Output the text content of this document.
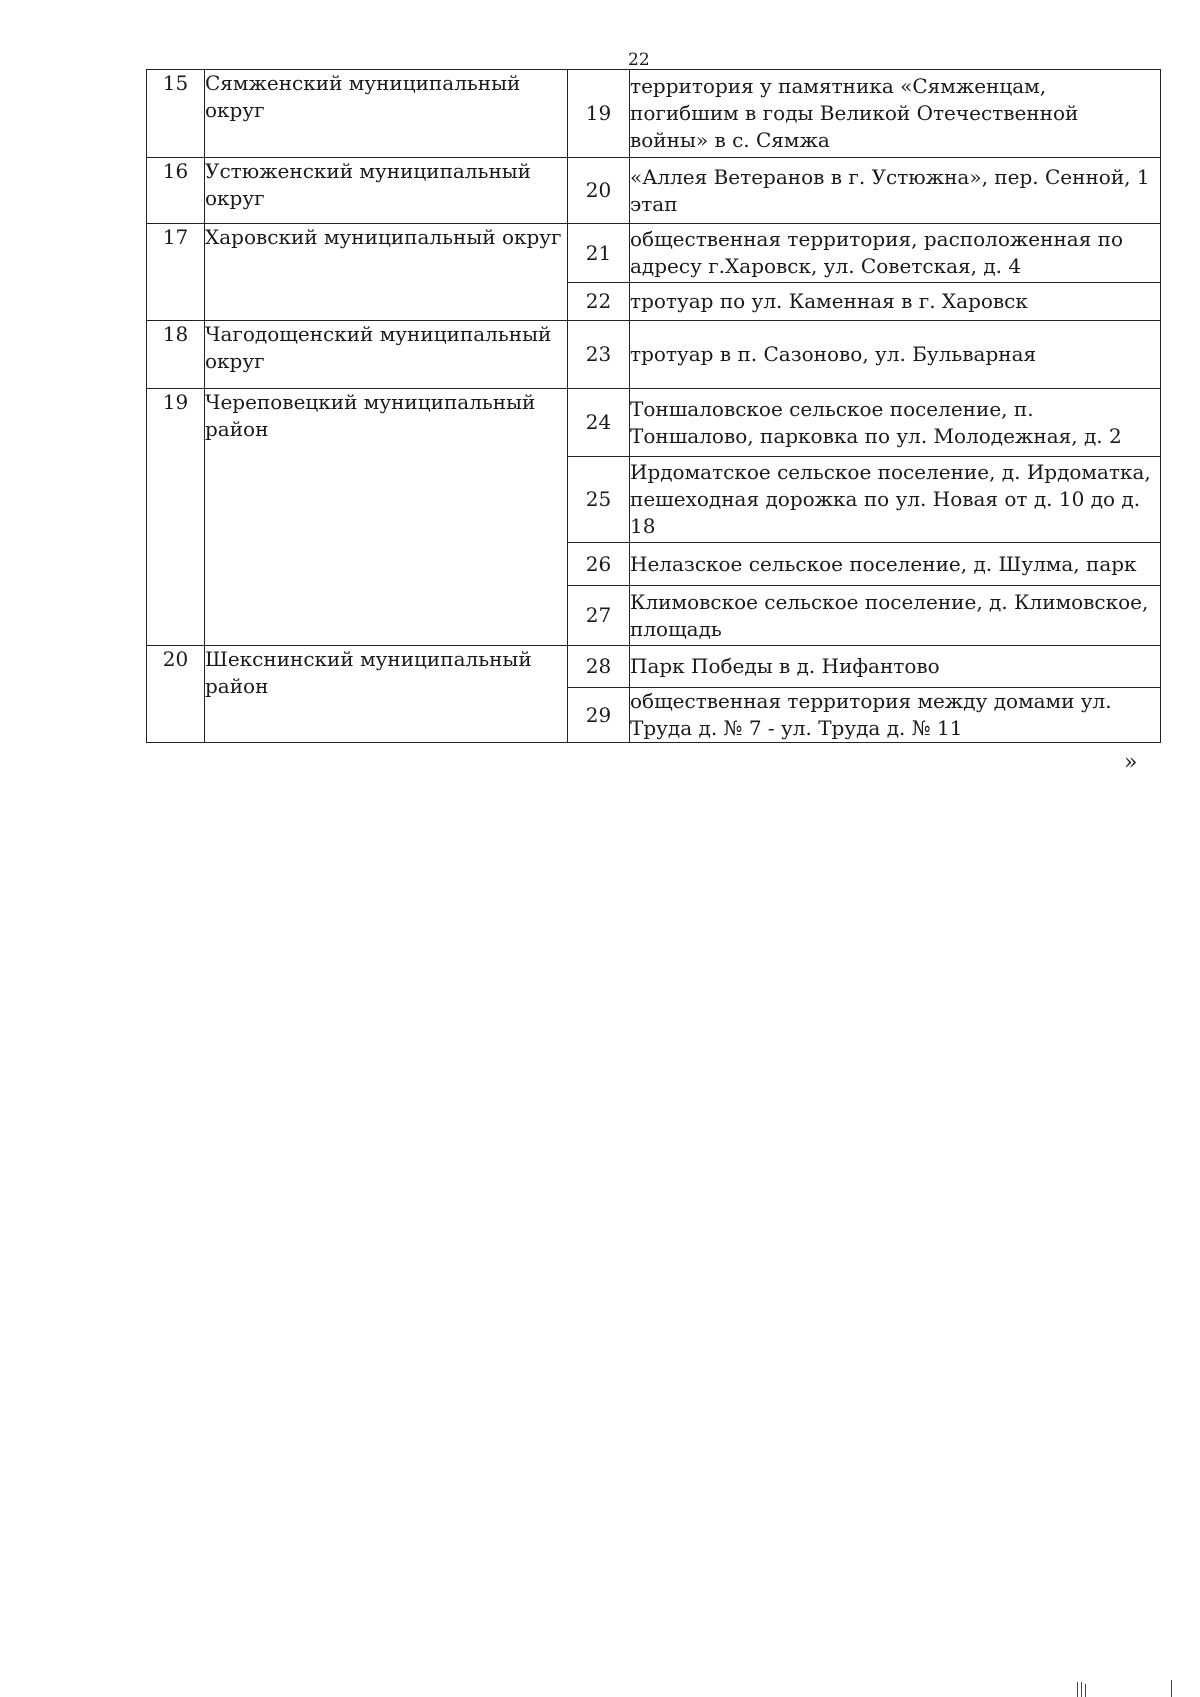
22
15	Сямженский муниципальный округ	19	территория у памятника «Сямженцам, погибшим в годы Великой Отечественной войны» в с. Сямжа
16	Устюженский муниципальный округ	20	«Аллея Ветеранов в г. Устюжна», пер. Сенной, 1 этап
17	Харовский муниципальный округ	21	общественная территория, расположенная по адресу г.Харовск, ул. Советская, д. 4
		22	тротуар по ул. Каменная в г. Харовск
18	Чагодощенский муниципальный округ	23	тротуар в п. Сазоново, ул. Бульварная
19	Череповецкий муниципальный район	24	Тоншаловское сельское поселение, п. Тоншалово, парковка по ул. Молодежная, д. 2
		25	Ирдоматское сельское поселение, д. Ирдоматка, пешеходная дорожка по ул. Новая от д. 10 до д. 18
		26	Нелазское сельское поселение, д. Шулма, парк
		27	Климовское сельское поселение, д. Климовское, площадь
20	Шекснинский муниципальный район	28	Парк Победы в д. Нифантово
		29	общественная территория между домами ул. Труда д. № 7 - ул. Труда д. № 11
»
